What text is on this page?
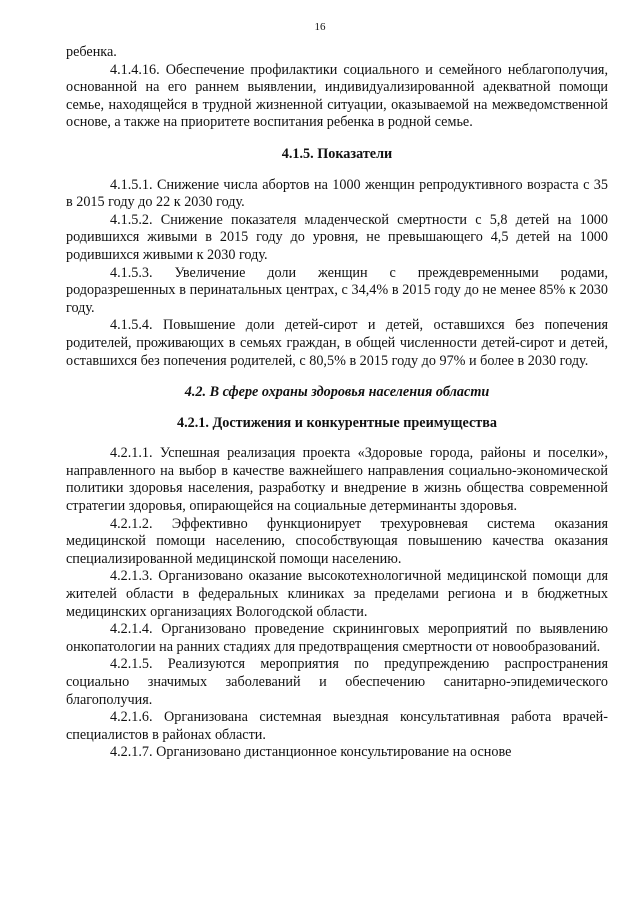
16

ребенка.

4.1.4.16. Обеспечение профилактики социального и семейного неблагополучия, основанной на его раннем выявлении, индивидуализированной адекватной помощи семье, находящейся в трудной жизненной ситуации, оказываемой на межведомственной основе, а также на приоритете воспитания ребенка в родной семье.

4.1.5. Показатели

4.1.5.1. Снижение числа абортов на 1000 женщин репродуктивного возраста с 35 в 2015 году до 22 к 2030 году.

4.1.5.2. Снижение показателя младенческой смертности с 5,8 детей на 1000 родившихся живыми в 2015 году до уровня, не превышающего 4,5 детей на 1000 родившихся живыми к 2030 году.

4.1.5.3. Увеличение доли женщин с преждевременными родами, родоразрешенных в перинатальных центрах, с 34,4% в 2015 году до не менее 85% к 2030 году.

4.1.5.4. Повышение доли детей-сирот и детей, оставшихся без попечения родителей, проживающих в семьях граждан, в общей численности детей-сирот и детей, оставшихся без попечения родителей, с 80,5% в 2015 году до 97% и более в 2030 году.

4.2. В сфере охраны здоровья населения области

4.2.1. Достижения и конкурентные преимущества

4.2.1.1. Успешная реализация проекта «Здоровые города, районы и поселки», направленного на выбор в качестве важнейшего направления социально-экономической политики здоровья населения, разработку и внедрение в жизнь общества современной стратегии здоровья, опирающейся на социальные детерминанты здоровья.

4.2.1.2. Эффективно функционирует трехуровневая система оказания медицинской помощи населению, способствующая повышению качества оказания специализированной медицинской помощи населению.

4.2.1.3. Организовано оказание высокотехнологичной медицинской помощи для жителей области в федеральных клиниках за пределами региона и в бюджетных медицинских организациях Вологодской области.

4.2.1.4. Организовано проведение скрининговых мероприятий по выявлению онкопатологии на ранних стадиях для предотвращения смертности от новообразований.

4.2.1.5. Реализуются мероприятия по предупреждению распространения социально значимых заболеваний и обеспечению санитарно-эпидемического благополучия.

4.2.1.6. Организована системная выездная консультативная работа врачей-специалистов в районах области.

4.2.1.7. Организовано дистанционное консультирование на основе
